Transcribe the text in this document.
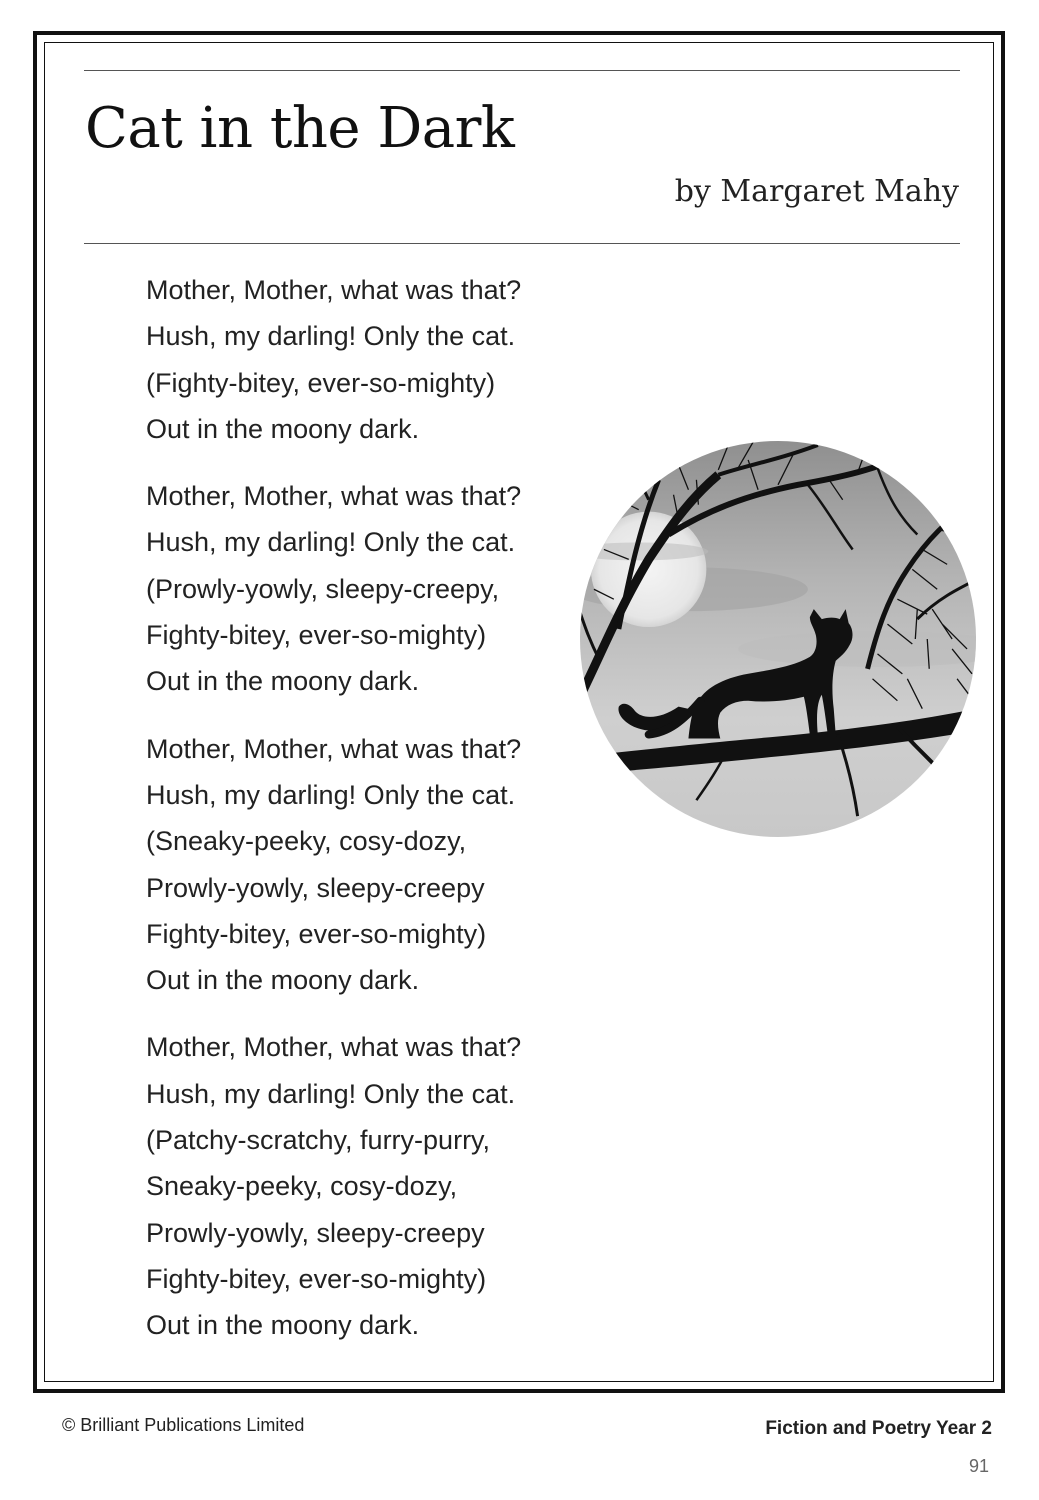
Cat in the Dark

by Margaret Mahy

Mother, Mother, what was that?
Hush, my darling! Only the cat.
(Fighty-bitey, ever-so-mighty)
Out in the moony dark.

Mother, Mother, what was that?
Hush, my darling! Only the cat.
(Prowly-yowly, sleepy-creepy,
Fighty-bitey, ever-so-mighty)
Out in the moony dark.

Mother, Mother, what was that?
Hush, my darling! Only the cat.
(Sneaky-peeky, cosy-dozy,
Prowly-yowly, sleepy-creepy
Fighty-bitey, ever-so-mighty)
Out in the moony dark.

Mother, Mother, what was that?
Hush, my darling! Only the cat.
(Patchy-scratchy, furry-purry,
Sneaky-peeky, cosy-dozy,
Prowly-yowly, sleepy-creepy
Fighty-bitey, ever-so-mighty)
Out in the moony dark.

© Brilliant Publications Limited	Fiction and Poetry Year 2
91
